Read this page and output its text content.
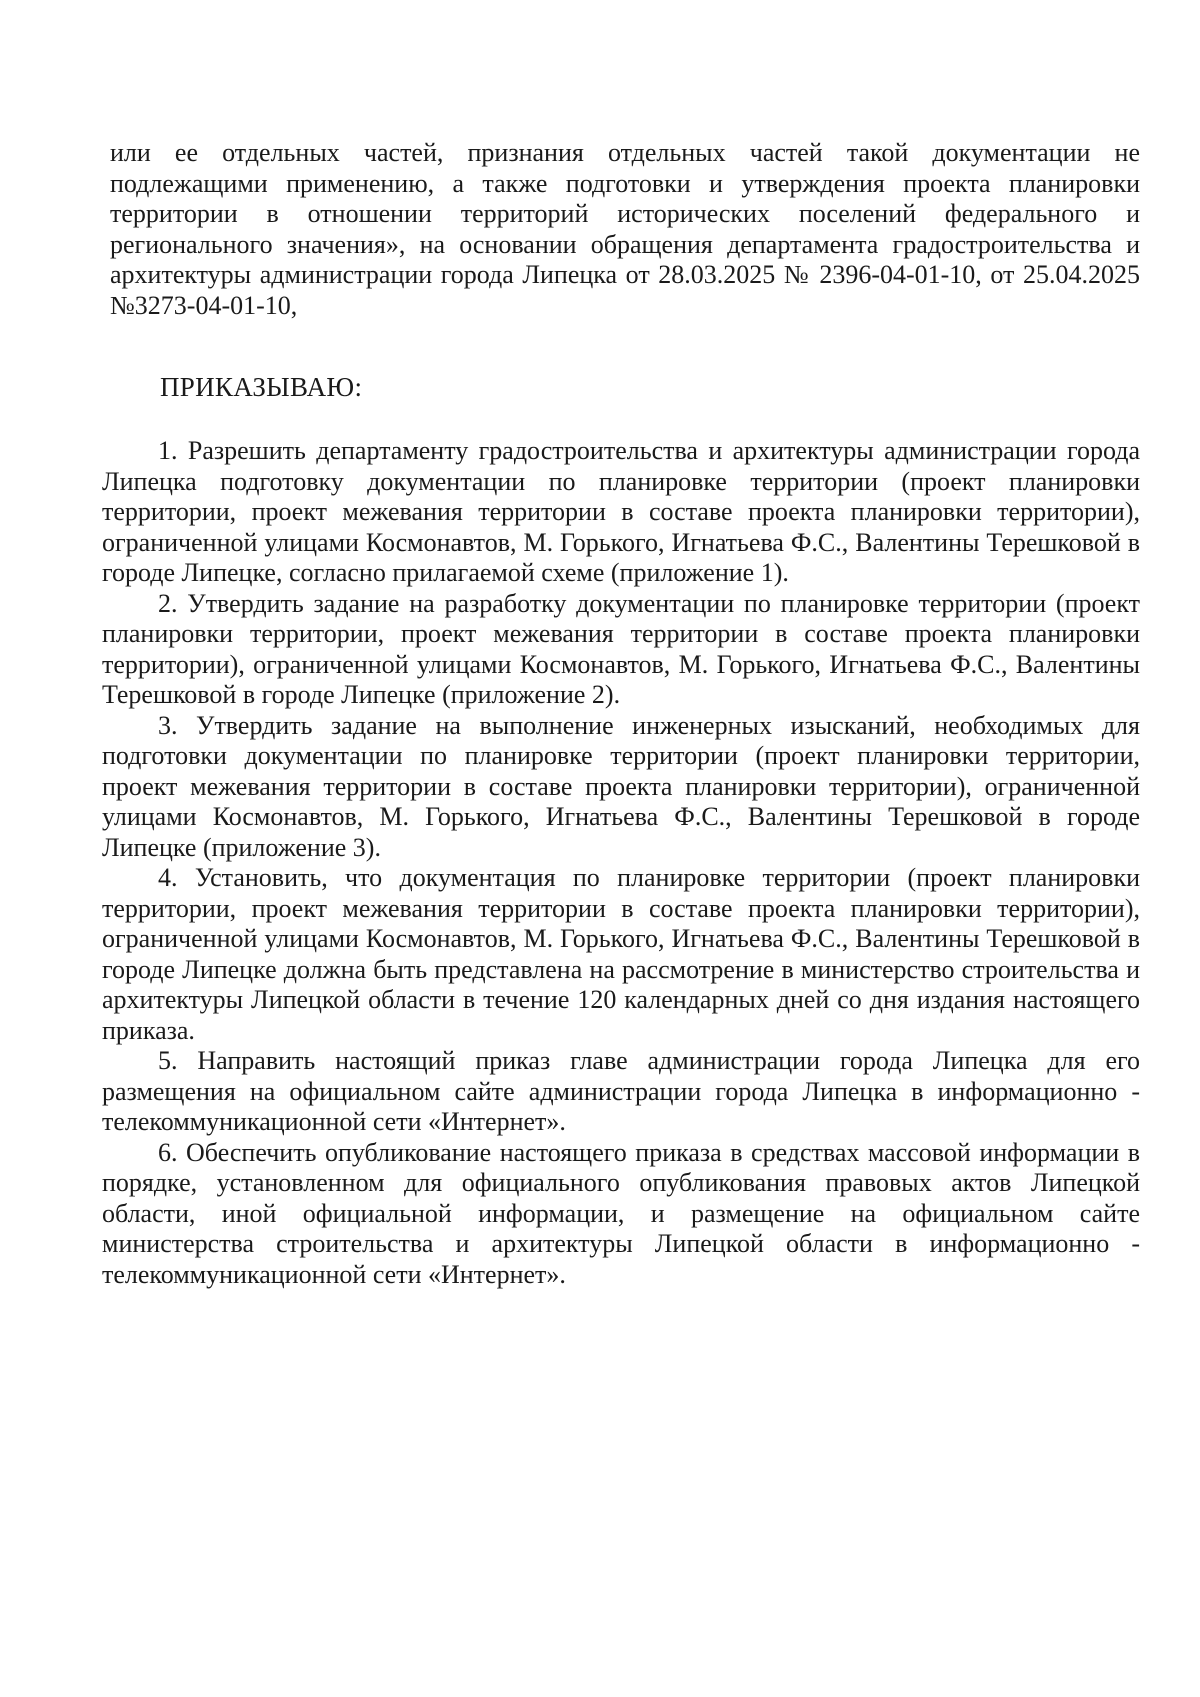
или ее отдельных частей, признания отдельных частей такой документации не подлежащими применению, а также подготовки и утверждения проекта планировки территории в отношении территорий исторических поселений федерального и регионального значения», на основании обращения департамента градостроительства и архитектуры администрации города Липецка от 28.03.2025 № 2396-04-01-10, от 25.04.2025 №3273-04-01-10,

ПРИКАЗЫВАЮ:

1. Разрешить департаменту градостроительства и архитектуры администрации города Липецка подготовку документации по планировке территории (проект планировки территории, проект межевания территории в составе проекта планировки территории), ограниченной улицами Космонавтов, М. Горького, Игнатьева Ф.С., Валентины Терешковой в городе Липецке, согласно прилагаемой схеме (приложение 1).

2. Утвердить задание на разработку документации по планировке территории (проект планировки территории, проект межевания территории в составе проекта планировки территории), ограниченной улицами Космонавтов, М. Горького, Игнатьева Ф.С., Валентины Терешковой в городе Липецке (приложение 2).

3. Утвердить задание на выполнение инженерных изысканий, необходимых для подготовки документации по планировке территории (проект планировки территории, проект межевания территории в составе проекта планировки территории), ограниченной улицами Космонавтов, М. Горького, Игнатьева Ф.С., Валентины Терешковой в городе Липецке (приложение 3).

4. Установить, что документация по планировке территории (проект планировки территории, проект межевания территории в составе проекта планировки территории), ограниченной улицами Космонавтов, М. Горького, Игнатьева Ф.С., Валентины Терешковой в городе Липецке должна быть представлена на рассмотрение в министерство строительства и архитектуры Липецкой области в течение 120 календарных дней со дня издания настоящего приказа.

5. Направить настоящий приказ главе администрации города Липецка для его размещения на официальном сайте администрации города Липецка в информационно - телекоммуникационной сети «Интернет».

6. Обеспечить опубликование настоящего приказа в средствах массовой информации в порядке, установленном для официального опубликования правовых актов Липецкой области, иной официальной информации, и размещение на официальном сайте министерства строительства и архитектуры Липецкой области в информационно - телекоммуникационной сети «Интернет».
